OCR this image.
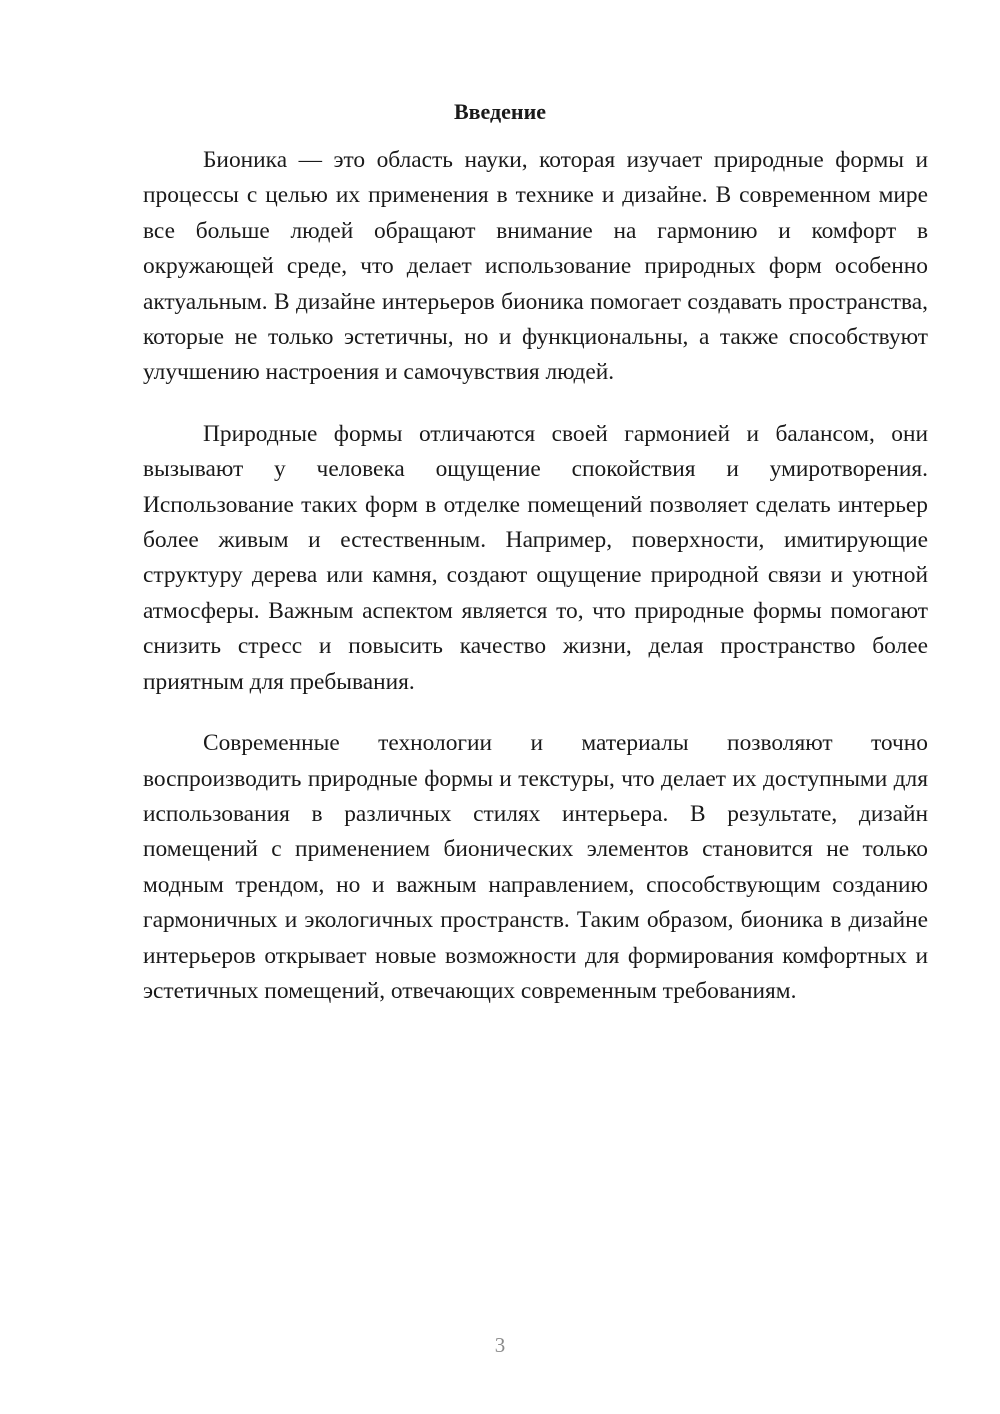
Введение

Бионика — это область науки, которая изучает природные формы и процессы с целью их применения в технике и дизайне. В современном мире все больше людей обращают внимание на гармонию и комфорт в окружающей среде, что делает использование природных форм особенно актуальным. В дизайне интерьеров бионика помогает создавать пространства, которые не только эстетичны, но и функциональны, а также способствуют улучшению настроения и самочувствия людей.

Природные формы отличаются своей гармонией и балансом, они вызывают у человека ощущение спокойствия и умиротворения. Использование таких форм в отделке помещений позволяет сделать интерьер более живым и естественным. Например, поверхности, имитирующие структуру дерева или камня, создают ощущение природной связи и уютной атмосферы. Важным аспектом является то, что природные формы помогают снизить стресс и повысить качество жизни, делая пространство более приятным для пребывания.

Современные технологии и материалы позволяют точно воспроизводить природные формы и текстуры, что делает их доступными для использования в различных стилях интерьера. В результате, дизайн помещений с применением бионических элементов становится не только модным трендом, но и важным направлением, способствующим созданию гармоничных и экологичных пространств. Таким образом, бионика в дизайне интерьеров открывает новые возможности для формирования комфортных и эстетичных помещений, отвечающих современным требованиям.

3
